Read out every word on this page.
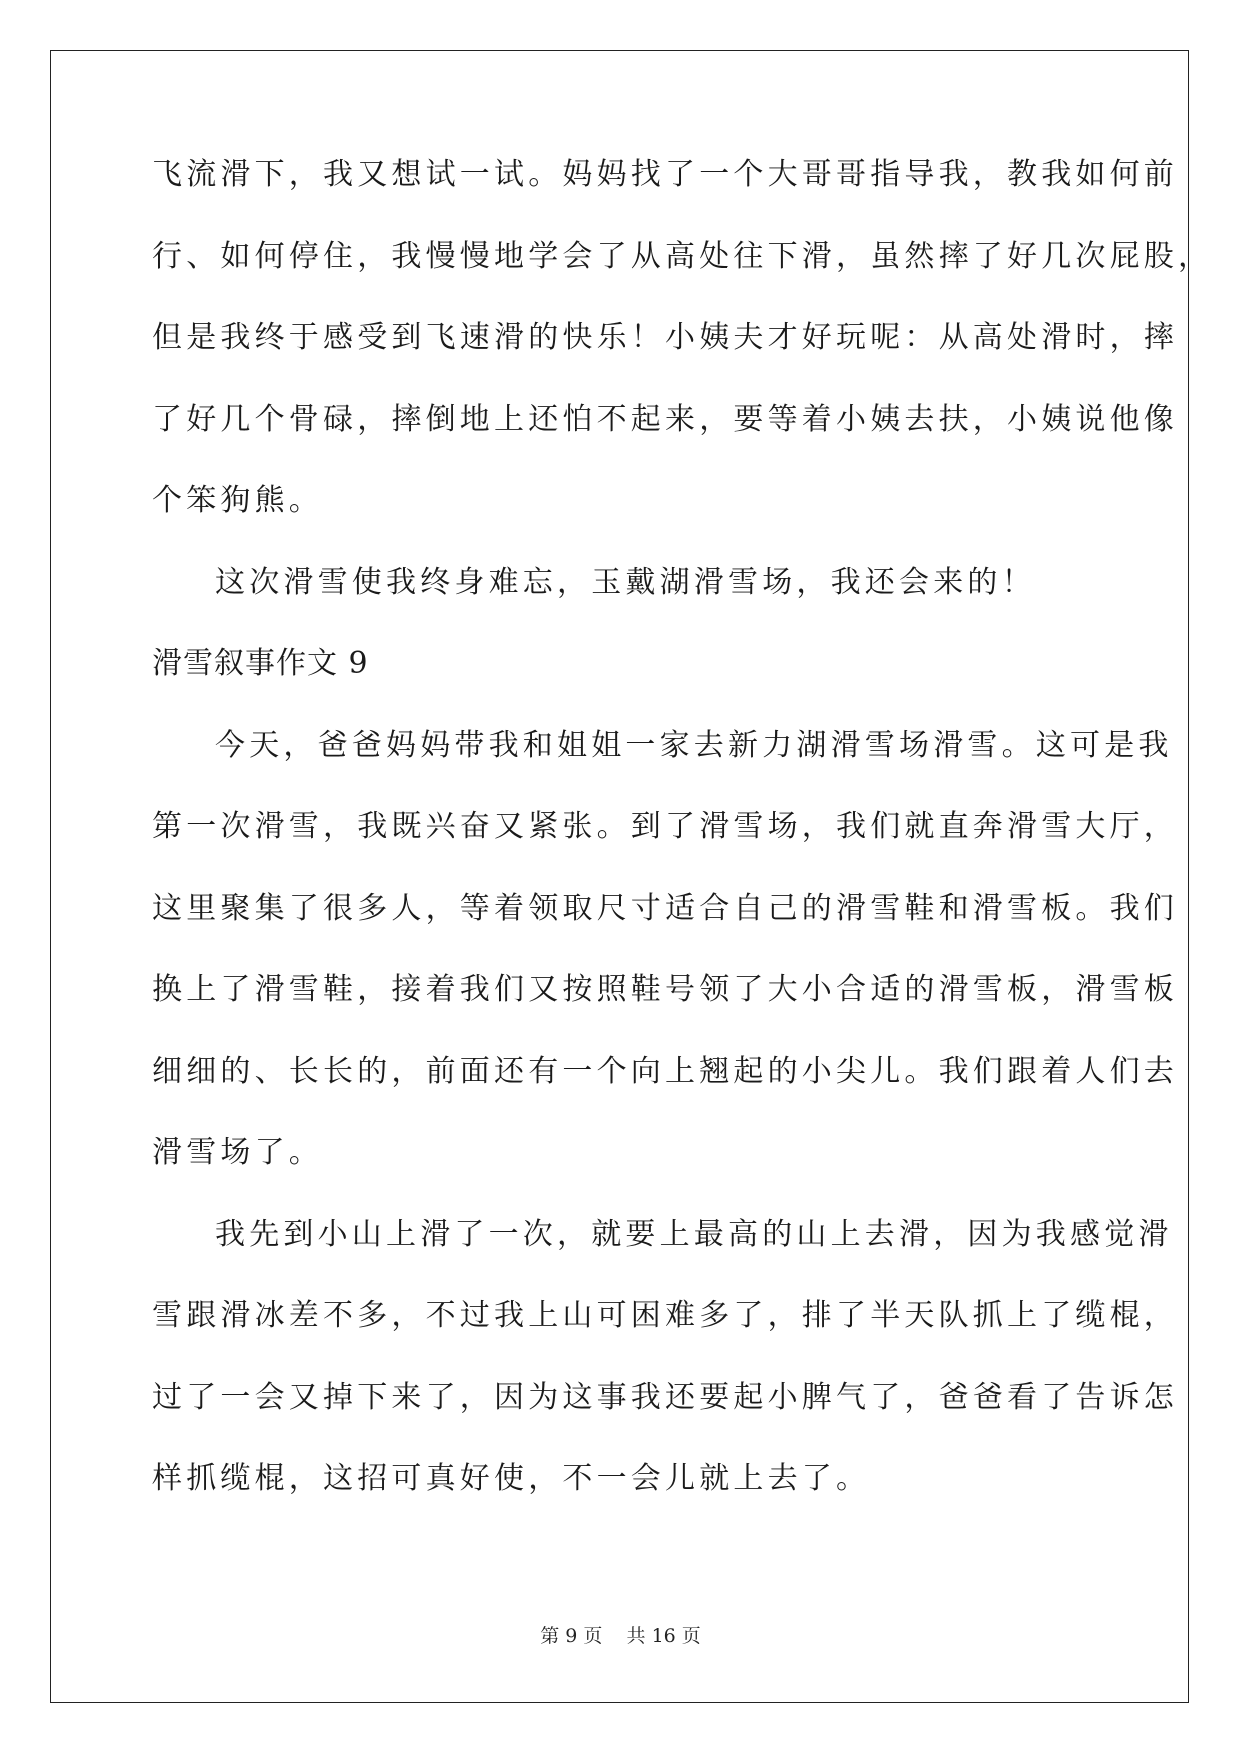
飞流滑下，我又想试一试。妈妈找了一个大哥哥指导我，教我如何前
行、如何停住，我慢慢地学会了从高处往下滑，虽然摔了好几次屁股，
但是我终于感受到飞速滑的快乐！小姨夫才好玩呢：从高处滑时，摔
了好几个骨碌，摔倒地上还怕不起来，要等着小姨去扶，小姨说他像
个笨狗熊。
这次滑雪使我终身难忘，玉戴湖滑雪场，我还会来的！
滑雪叙事作文 9
今天，爸爸妈妈带我和姐姐一家去新力湖滑雪场滑雪。这可是我
第一次滑雪，我既兴奋又紧张。到了滑雪场，我们就直奔滑雪大厅，
这里聚集了很多人，等着领取尺寸适合自己的滑雪鞋和滑雪板。我们
换上了滑雪鞋，接着我们又按照鞋号领了大小合适的滑雪板，滑雪板
细细的、长长的，前面还有一个向上翘起的小尖儿。我们跟着人们去
滑雪场了。
我先到小山上滑了一次，就要上最高的山上去滑，因为我感觉滑
雪跟滑冰差不多，不过我上山可困难多了，排了半天队抓上了缆棍，
过了一会又掉下来了，因为这事我还要起小脾气了，爸爸看了告诉怎
样抓缆棍，这招可真好使，不一会儿就上去了。
第 9 页    共 16 页
